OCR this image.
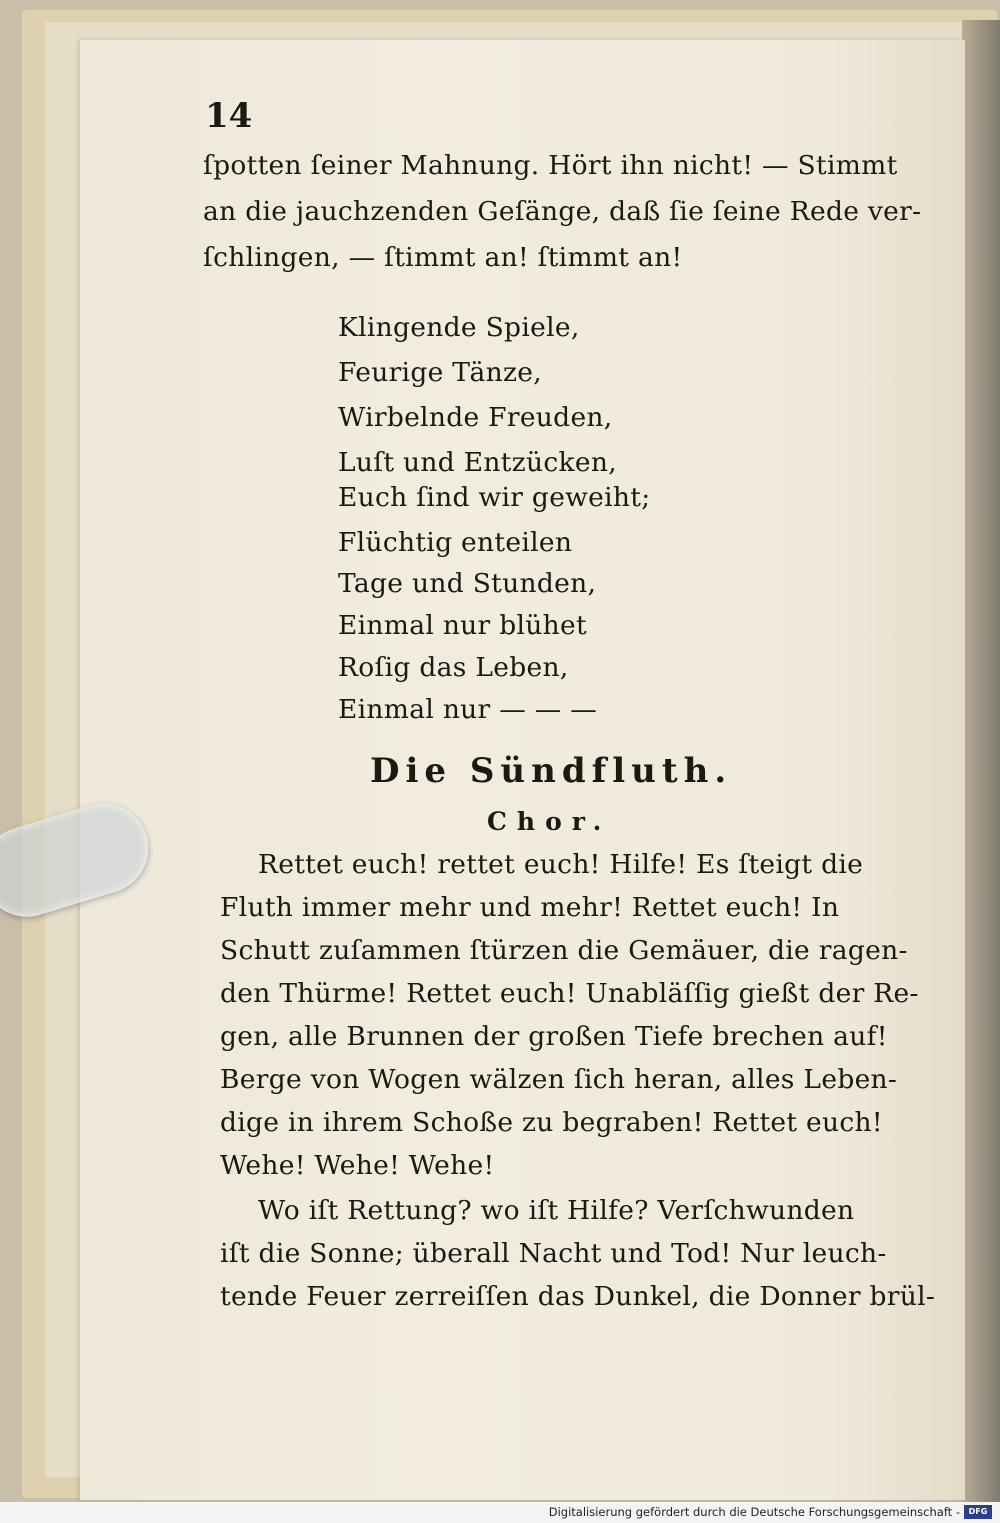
14
ſpotten ſeiner Mahnung. Hört ihn nicht! — Stimmt
an die jauchzenden Geſänge, daß ſie ſeine Rede ver-
ſchlingen, — ſtimmt an! ſtimmt an!
Klingende Spiele,
Feurige Tänze,
Wirbelnde Freuden,
Luſt und Entzücken,
Euch ſind wir geweiht;
Flüchtig enteilen
Tage und Stunden,
Einmal nur blühet
Roſig das Leben,
Einmal nur — — —
Die Sündfluth.
Chor.
Rettet euch! rettet euch! Hilfe! Es ſteigt die
Fluth immer mehr und mehr! Rettet euch! In
Schutt zuſammen ſtürzen die Gemäuer, die ragen-
den Thürme! Rettet euch! Unabläſſig gießt der Re-
gen, alle Brunnen der großen Tiefe brechen auf!
Berge von Wogen wälzen ſich heran, alles Leben-
dige in ihrem Schoße zu begraben! Rettet euch!
Wehe! Wehe! Wehe!
Wo iſt Rettung? wo iſt Hilfe? Verſchwunden
iſt die Sonne; überall Nacht und Tod! Nur leuch-
tende Feuer zerreiſſen das Dunkel, die Donner brül-
Digitalisierung gefördert durch die Deutsche Forschungsgemeinschaft -	DFG
